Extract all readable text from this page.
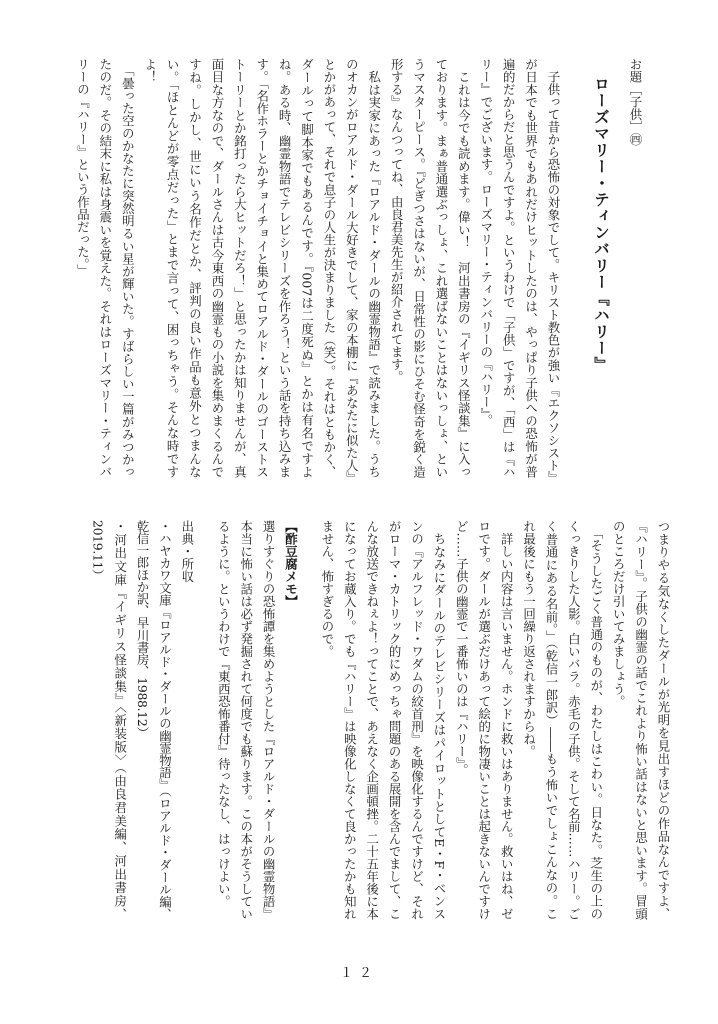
お題［子供］㊃

ローズマリー・ティンバリー『ハリー』

　子供って昔から恐怖の対象でして。キリスト教色が強い『エクソシスト』が日本でも世界でもあれだけヒットしたのは、やっぱり子供への恐怖が普遍的だからだと思うんですよ。というわけで「子供」ですが、「西」は『ハリー』でございます。ローズマリー・ティンバリーの『ハリー』。

　これは今でも読めます。偉い！　河出書房の『イギリス怪談集』に入っております。まぁ普通選ぶっしょ、これ選ばないことはないっしょ、というマスターピース。『どぎつさはないが、日常性の影にひそむ怪奇を鋭く造形する』なんつってね、由良君美先生が紹介されてます。

　私は実家にあった『ロアルド・ダールの幽霊物語』で読みました。うちのオカンがロアルド・ダール大好きでして、家の本棚に『あなたに似た人』とかがあって、それで息子の人生が決まりました（笑）。それはともかく、ダールって脚本家でもあるんです。『007は二度死ぬ』とかは有名ですよね。ある時、幽霊物語でテレビシリーズを作ろう！という話を持ち込みます。「名作ホラーとかチョイチョイと集めてロアルド・ダールのゴーストストーリーとか銘打ったら大ヒットだろ！」と思ったかは知りませんが、真面目な方なので、ダールさんは古今東西の幽霊もの小説を集めまくるんですね。しかし、世にいう名作だとか、評判の良い作品も意外とつまんない。「ほとんどが零点だった」とまで言って、困っちゃう。そんな時ですよ！

　「曇った空のかなたに突然明るい星が輝いた。すばらしい一篇がみつかったのだ。その結末に私は身震いを覚えた。それはローズマリー・ティンバリーの『ハリー』という作品だった。」

つまりやる気なくしたダールが光明を見出すほどの作品なんですよ、『ハリー』。子供の幽霊の話でこれより怖い話はないと思います。冒頭のところだけ引いてみましょう。

　「そうしたごく普通のものが、わたしはこわい。日なた。芝生の上のくっきりした人影。白いバラ。赤毛の子供。そして名前……ハリー。ごく普通にある名前。」（乾信一郎訳）――もう怖いでしょこんなの。これ最後にもう一回繰り返されますからね。

　詳しい内容は言いません。ホンドに救いはありません。救いはね、ゼロです。ダールが選ぶだけあって絵的に物凄いことは起きないんですけど……子供の幽霊で一番怖いのは『ハリー』。

　ちなみにダールのテレビシリーズはパイロットとしてE・F・ベンスンの『アルフレッド・ワダムの絞首刑』を映像化するんですけど、それがローマ・カトリック的にめっちゃ問題のある展開を含んでまして、こんな放送できねぇよ！ってことで、あえなく企画頓挫。二十五年後に本になってお蔵入り。でも『ハリー』は映像化しなくて良かったかも知れません、怖すぎるので。

【酢豆腐メモ】

選りすぐりの恐怖譚を集めようとした『ロアルド・ダールの幽霊物語』本当に怖い話は必ず発掘されて何度でも蘇ります。この本がそうしているように。というわけで『東西恐怖番付』待ったなし、はっけよい。

出典・所収

・ハヤカワ文庫『ロアルド・ダールの幽霊物語』（ロアルド・ダール編、乾信一郎ほか訳、早川書房、1988.12）

・河出文庫『イギリス怪談集』〈新装版〉（由良君美編、河出書房、2019.11）

１２
